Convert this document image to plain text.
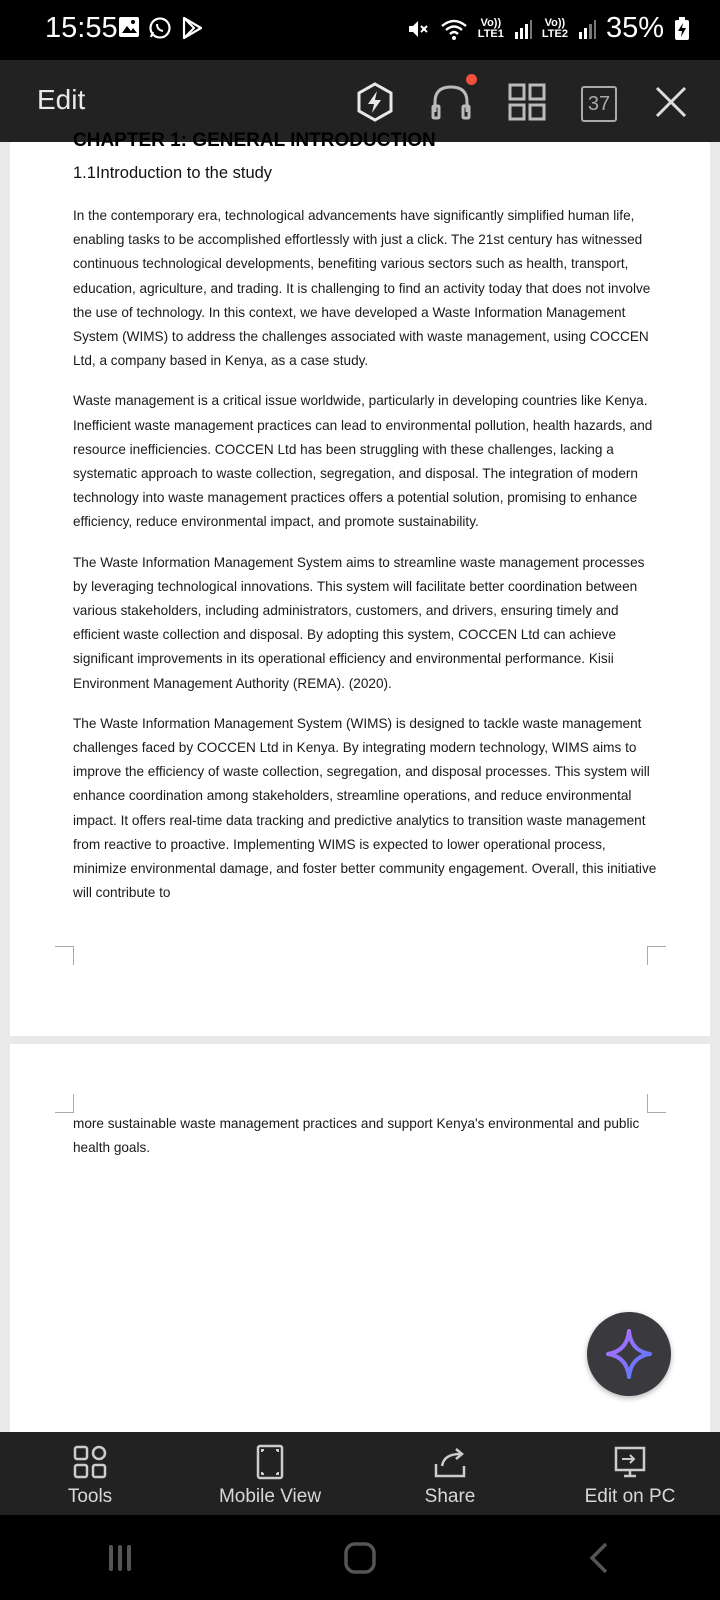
15:55	Vo))
LTE1
Vo))
LTE2 35%
Edit	37
CHAPTER 1: GENERAL INTRODUCTION
1.1Introduction to the study

In the contemporary era, technological advancements have significantly simplified human life, enabling tasks to be accomplished effortlessly with just a click. The 21st century has witnessed continuous technological developments, benefiting various sectors such as health, transport, education, agriculture, and trading. It is challenging to find an activity today that does not involve the use of technology. In this context, we have developed a Waste Information Management System (WIMS) to address the challenges associated with waste management, using COCCEN Ltd, a company based in Kenya, as a case study.

Waste management is a critical issue worldwide, particularly in developing countries like Kenya. Inefficient waste management practices can lead to environmental pollution, health hazards, and resource inefficiencies. COCCEN Ltd has been struggling with these challenges, lacking a systematic approach to waste collection, segregation, and disposal. The integration of modern technology into waste management practices offers a potential solution, promising to enhance efficiency, reduce environmental impact, and promote sustainability.

The Waste Information Management System aims to streamline waste management processes by leveraging technological innovations. This system will facilitate better coordination between various stakeholders, including administrators, customers, and drivers, ensuring timely and efficient waste collection and disposal. By adopting this system, COCCEN Ltd can achieve significant improvements in its operational efficiency and environmental performance. Kisii Environment Management Authority (REMA). (2020).

The Waste Information Management System (WIMS) is designed to tackle waste management challenges faced by COCCEN Ltd in Kenya. By integrating modern technology, WIMS aims to improve the efficiency of waste collection, segregation, and disposal processes. This system will enhance coordination among stakeholders, streamline operations, and reduce environmental impact. It offers real-time data tracking and predictive analytics to transition waste management from reactive to proactive. Implementing WIMS is expected to lower operational process, minimize environmental damage, and foster better community engagement. Overall, this initiative will contribute to

more sustainable waste management practices and support Kenya's environmental and public health goals.

Tools	Mobile View	Share	Edit on PC
